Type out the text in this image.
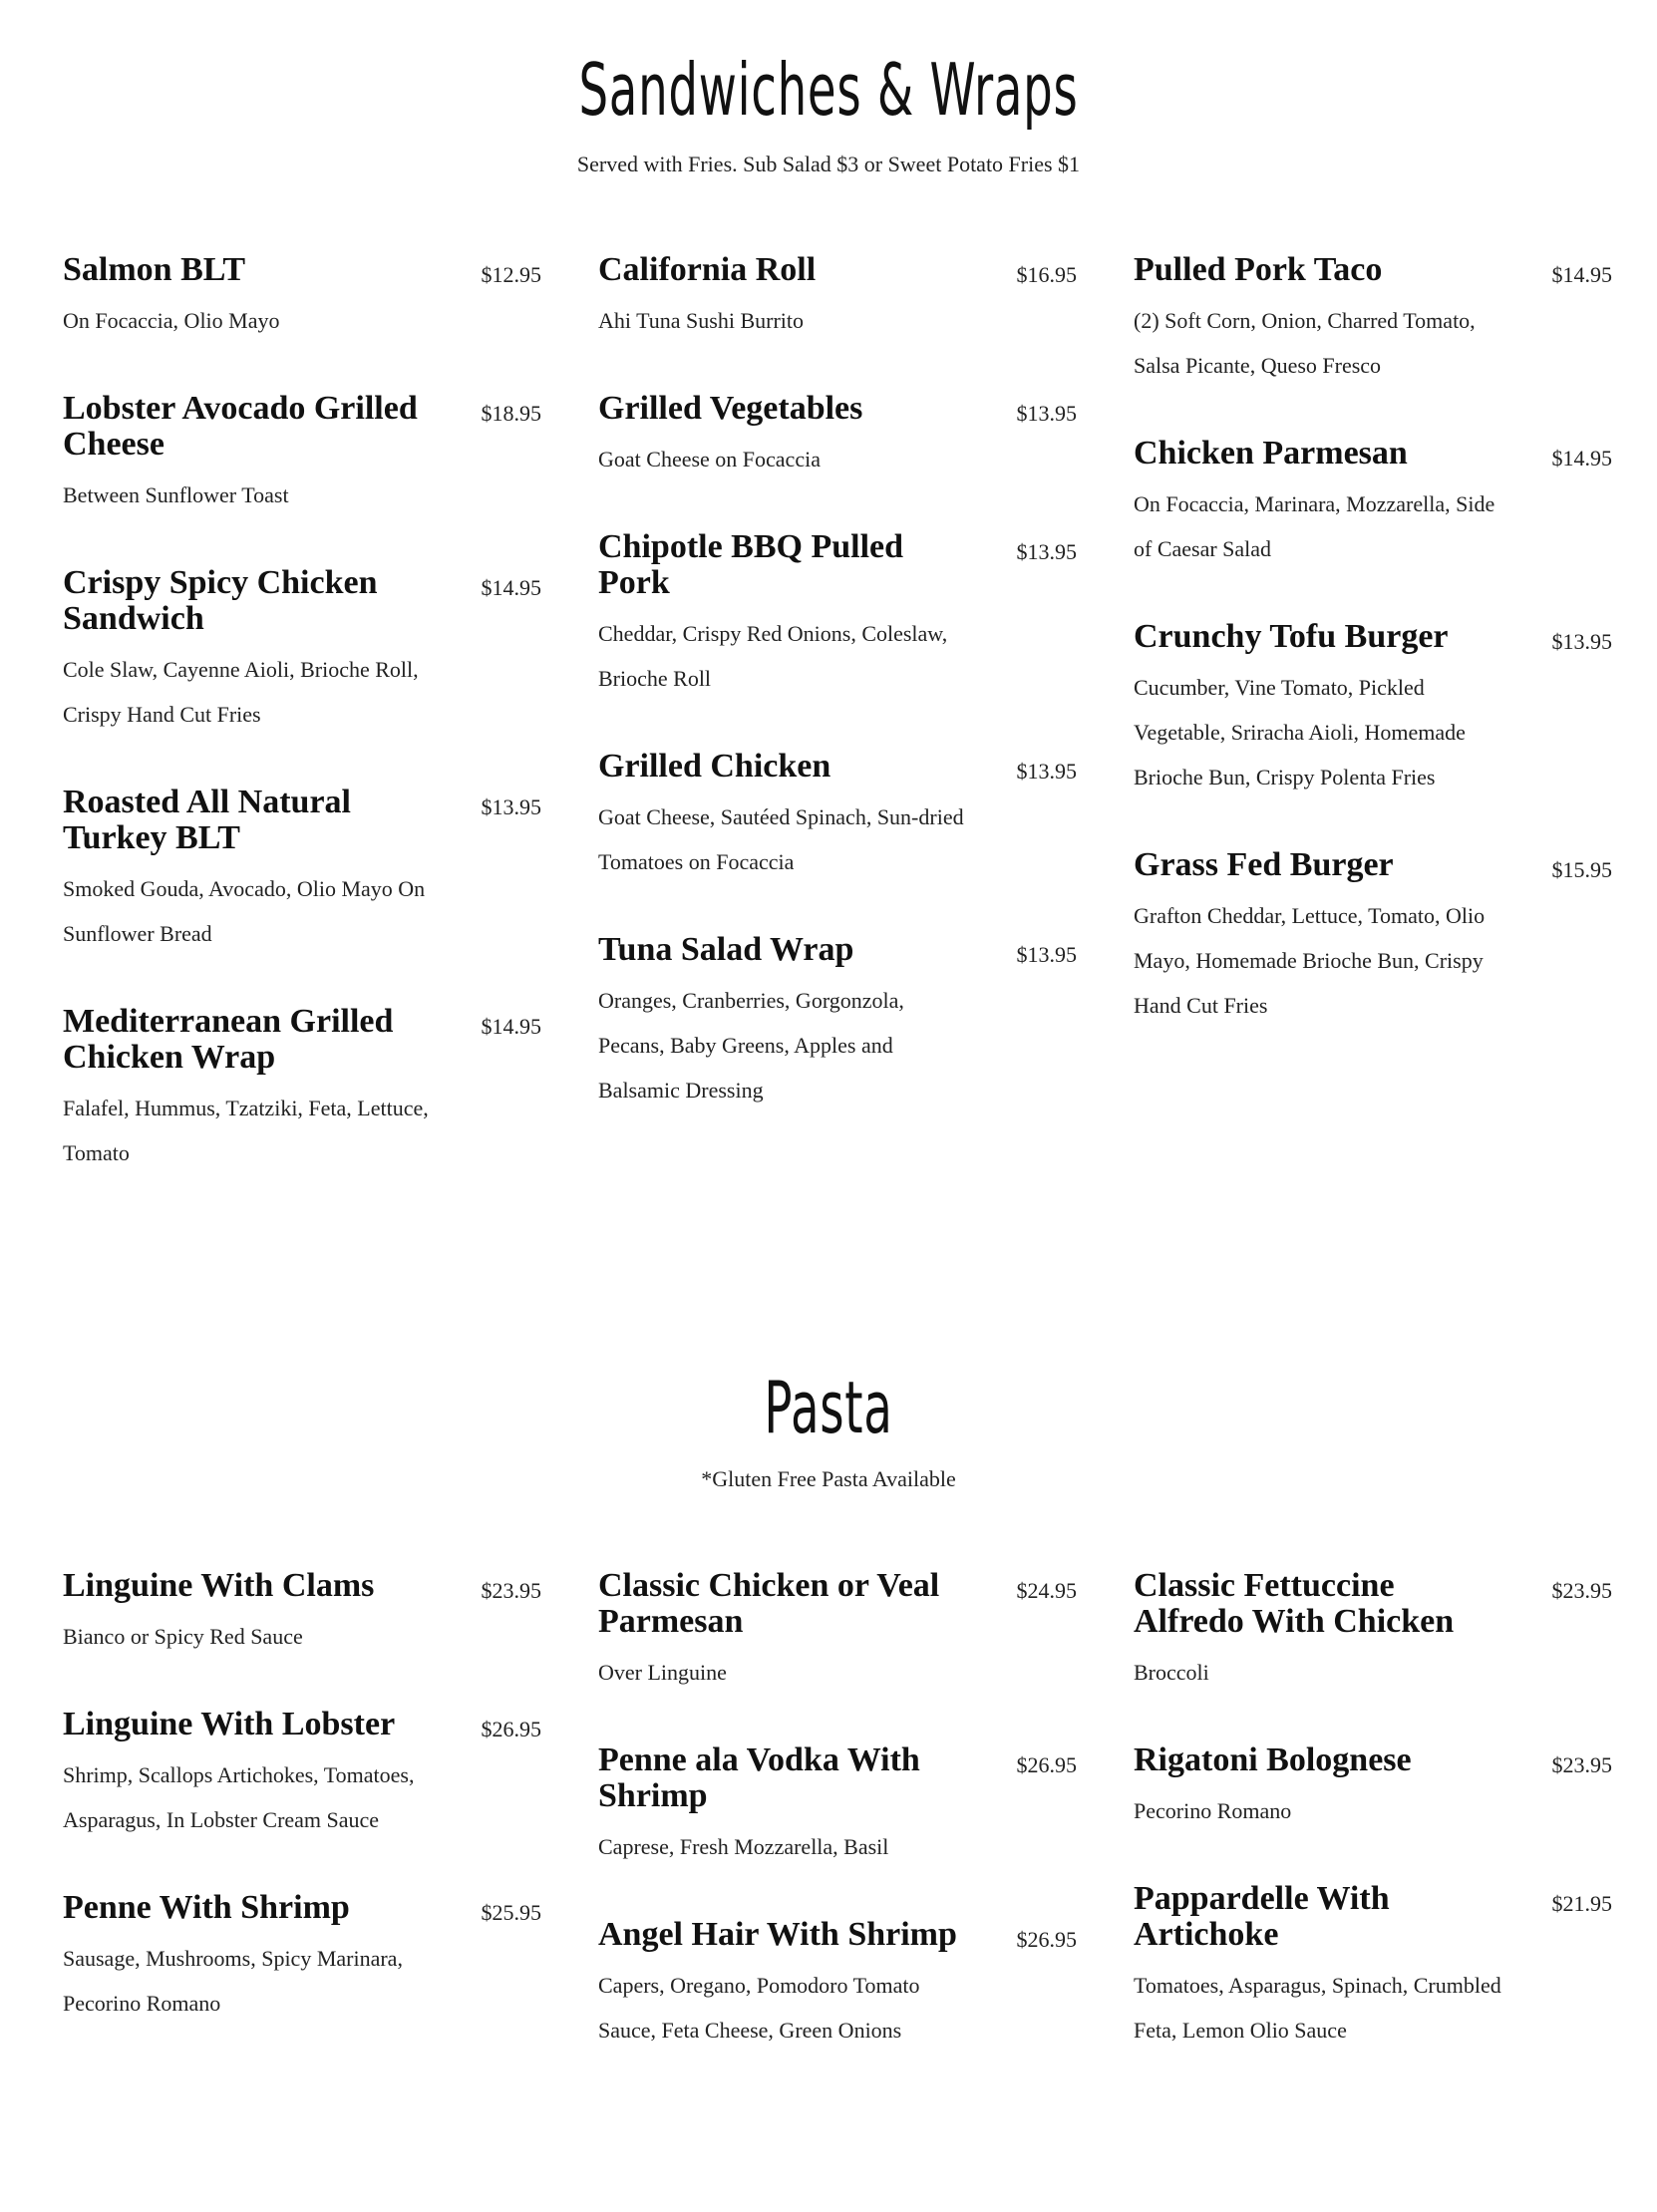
Sandwiches & Wraps

Served with Fries. Sub Salad $3 or Sweet Potato Fries $1

Salmon BLT	$12.95
On Focaccia, Olio Mayo
Lobster Avocado Grilled Cheese
$18.95
Between Sunflower Toast
Crispy Spicy Chicken Sandwich
$14.95
Cole Slaw, Cayenne Aioli, Brioche Roll, Crispy Hand Cut Fries
Roasted All Natural Turkey BLT
$13.95
Smoked Gouda, Avocado, Olio Mayo On Sunflower Bread
Mediterranean Grilled Chicken Wrap
$14.95
Falafel, Hummus, Tzatziki, Feta, Lettuce, Tomato
California Roll	$16.95
Ahi Tuna Sushi Burrito
Grilled Vegetables	$13.95
Goat Cheese on Focaccia
Chipotle BBQ Pulled Pork
$13.95
Cheddar, Crispy Red Onions, Coleslaw, Brioche Roll
Grilled Chicken	$13.95
Goat Cheese, Sautéed Spinach, Sun-dried Tomatoes on Focaccia
Tuna Salad Wrap	$13.95
Oranges, Cranberries, Gorgonzola, Pecans, Baby Greens, Apples and Balsamic Dressing
Pulled Pork Taco	$14.95
(2) Soft Corn, Onion, Charred Tomato, Salsa Picante, Queso Fresco
Chicken Parmesan	$14.95
On Focaccia, Marinara, Mozzarella, Side of Caesar Salad
Crunchy Tofu Burger	$13.95
Cucumber, Vine Tomato, Pickled Vegetable, Sriracha Aioli, Homemade Brioche Bun, Crispy Polenta Fries
Grass Fed Burger	$15.95
Grafton Cheddar, Lettuce, Tomato, Olio Mayo, Homemade Brioche Bun, Crispy Hand Cut Fries
Pasta

*Gluten Free Pasta Available

Linguine With Clams	$23.95
Bianco or Spicy Red Sauce
Linguine With Lobster	$26.95
Shrimp, Scallops Artichokes, Tomatoes, Asparagus, In Lobster Cream Sauce
Penne With Shrimp	$25.95
Sausage, Mushrooms, Spicy Marinara, Pecorino Romano
Classic Chicken or Veal Parmesan
$24.95
Over Linguine
Penne ala Vodka With Shrimp
$26.95
Caprese, Fresh Mozzarella, Basil
Angel Hair With Shrimp	$26.95
Capers, Oregano, Pomodoro Tomato Sauce, Feta Cheese, Green Onions
Classic Fettuccine Alfredo With Chicken
$23.95
Broccoli
Rigatoni Bolognese	$23.95
Pecorino Romano
Pappardelle With Artichoke
$21.95
Tomatoes, Asparagus, Spinach, Crumbled Feta, Lemon Olio Sauce
